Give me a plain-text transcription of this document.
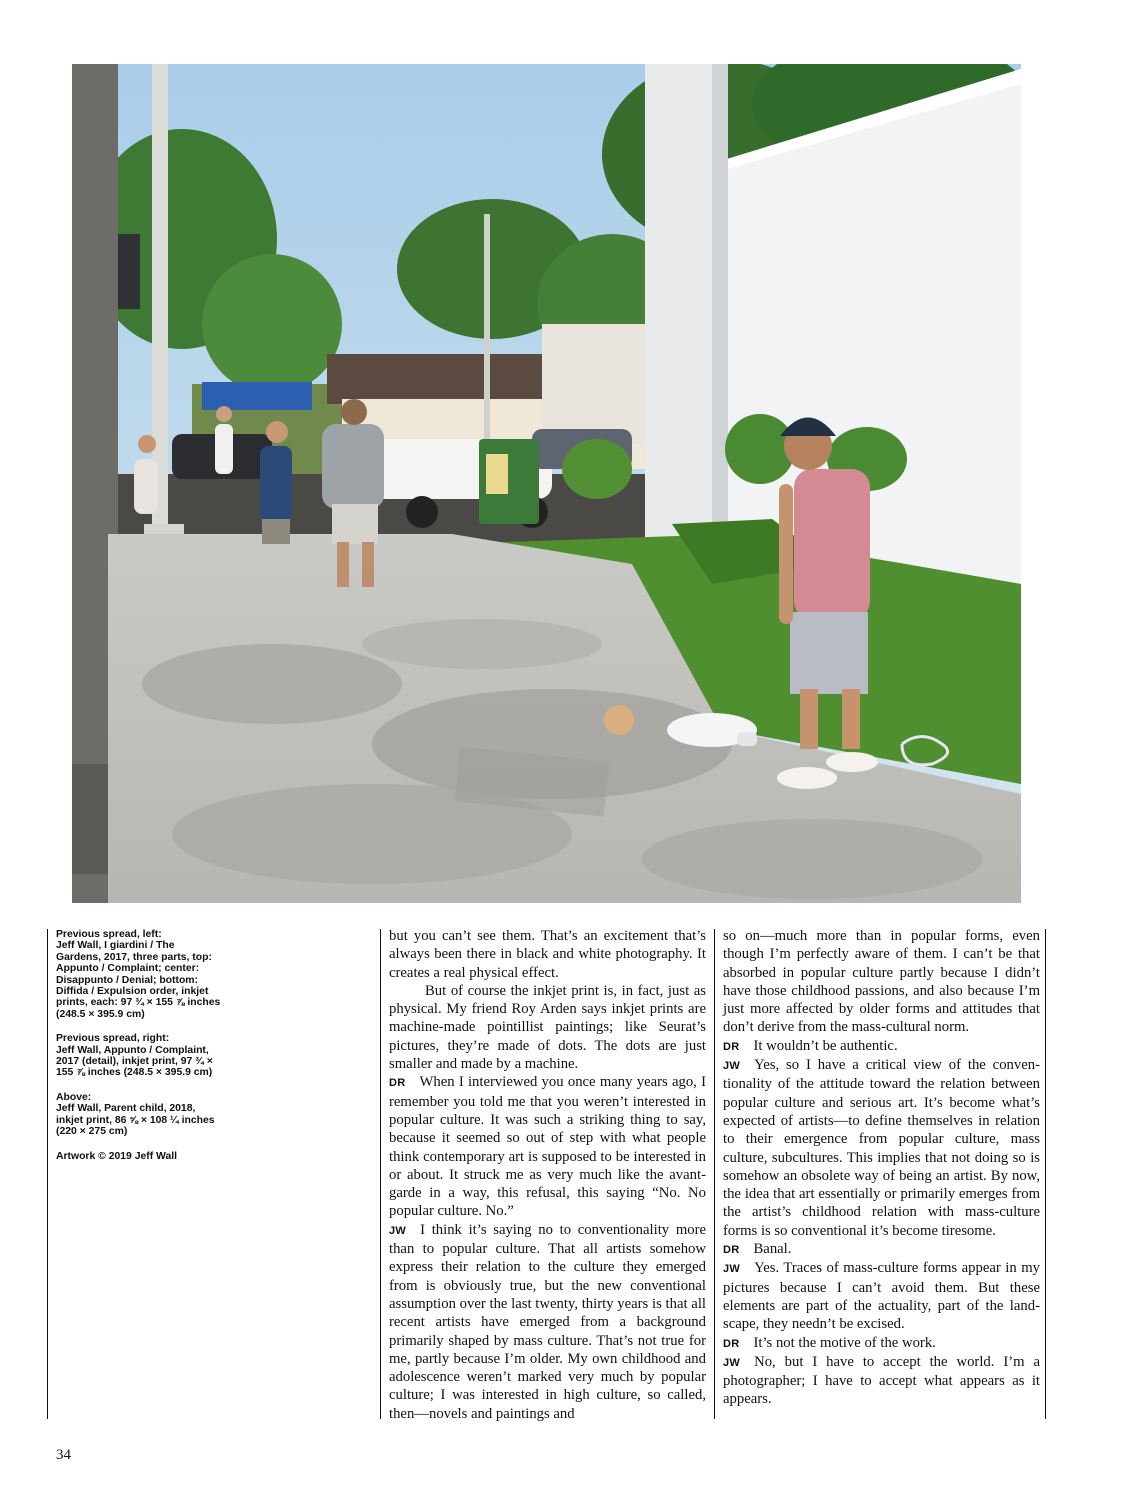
Previous spread, left:
Jeff Wall, I giardini / The Gardens, 2017, three parts, top: Appunto / Complaint; center: Disappunto / Denial; bottom: Diffida / Expulsion order, inkjet prints, each: 97 ¾ × 155 ⅞ inches (248.5 × 395.9 cm)

Previous spread, right:
Jeff Wall, Appunto / Complaint, 2017 (detail), inkjet print, 97 ¾ × 155 ⅞ inches (248.5 × 395.9 cm)

Above:
Jeff Wall, Parent child, 2018, inkjet print, 86 ⅝ × 108 ¼ inches (220 × 275 cm)

Artwork © 2019 Jeff Wall

but you can’t see them. That’s an excitement that’s always been there in black and white photography. It creates a real physical effect.

But of course the inkjet print is, in fact, just as physical. My friend Roy Arden says inkjet prints are machine-made pointillist paintings; like Seurat’s pictures, they’re made of dots. The dots are just smaller and made by a machine.

DR When I interviewed you once many years ago, I remember you told me that you weren’t interested in popular culture. It was such a striking thing to say, because it seemed so out of step with what people think contemporary art is supposed to be interested in or about. It struck me as very much like the avant-garde in a way, this refusal, this saying “No. No popular culture. No.”

JW I think it’s saying no to conventionality more than to popular culture. That all artists somehow express their relation to the culture they emerged from is obviously true, but the new conventional assumption over the last twenty, thirty years is that all recent artists have emerged from a background primarily shaped by mass culture. That’s not true for me, partly because I’m older. My own childhood and adolescence weren’t marked very much by popular culture; I was interested in high culture, so called, then—novels and paintings and

so on—much more than in popular forms, even though I’m perfectly aware of them. I can’t be that absorbed in popular culture partly because I didn’t have those childhood passions, and also because I’m just more affected by older forms and attitudes that don’t derive from the mass-cultural norm.

DR It wouldn’t be authentic.

JW Yes, so I have a critical view of the conventionality of the attitude toward the relation between popular culture and serious art. It’s become what’s expected of artists—to define themselves in relation to their emergence from popular culture, mass culture, subcultures. This implies that not doing so is somehow an obsolete way of being an artist. By now, the idea that art essentially or primarily emerges from the artist’s childhood relation with mass-culture forms is so conventional it’s become tiresome.

DR Banal.

JW Yes. Traces of mass-culture forms appear in my pictures because I can’t avoid them. But these elements are part of the actuality, part of the landscape, they needn’t be excised.

DR It’s not the motive of the work.

JW No, but I have to accept the world. I’m a photographer; I have to accept what appears as it appears.

34
